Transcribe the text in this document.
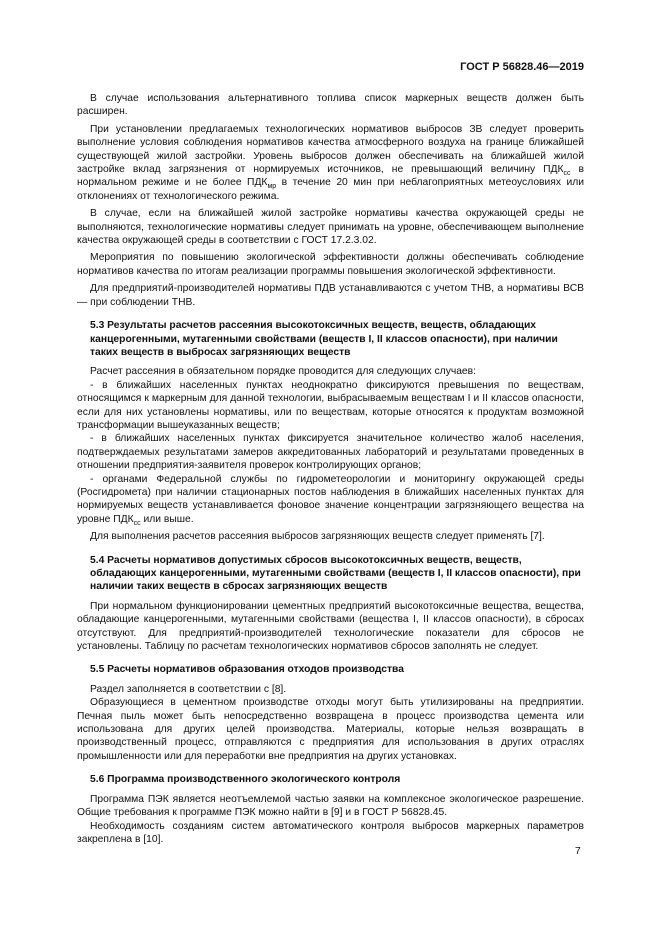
ГОСТ Р 56828.46—2019

В случае использования альтернативного топлива список маркерных веществ должен быть расширен.

При установлении предлагаемых технологических нормативов выбросов ЗВ следует проверить выполнение условия соблюдения нормативов качества атмосферного воздуха на границе ближайшей существующей жилой застройки. Уровень выбросов должен обеспечивать на ближайшей жилой застройке вклад загрязнения от нормируемых источников, не превышающий величину $ПДК_{сс}$ в нормальном режиме и не более $ПДК_{мр}$ в течение 20 мин при неблагоприятных метеоусловиях или отклонениях от технологического режима.

В случае, если на ближайшей жилой застройке нормативы качества окружающей среды не выполняются, технологические нормативы следует принимать на уровне, обеспечивающем выполнение качества окружающей среды в соответствии с ГОСТ 17.2.3.02.

Мероприятия по повышению экологической эффективности должны обеспечивать соблюдение нормативов качества по итогам реализации программы повышения экологической эффективности.

Для предприятий-производителей нормативы ПДВ устанавливаются с учетом ТНВ, а нормативы ВСВ — при соблюдении ТНВ.

5.3 Результаты расчетов рассеяния высокотоксичных веществ, веществ, обладающих канцерогенными, мутагенными свойствами (веществ I, II классов опасности), при наличии таких веществ в выбросах загрязняющих веществ

Расчет рассеяния в обязательном порядке проводится для следующих случаев:

- в ближайших населенных пунктах неоднократно фиксируются превышения по веществам, относящимся к маркерным для данной технологии, выбрасываемым веществам I и II классов опасности, если для них установлены нормативы, или по веществам, которые относятся к продуктам возможной трансформации вышеуказанных веществ;

- в ближайших населенных пунктах фиксируется значительное количество жалоб населения, подтверждаемых результатами замеров аккредитованных лабораторий и результатами проведенных в отношении предприятия-заявителя проверок контролирующих органов;

- органами Федеральной службы по гидрометеорологии и мониторингу окружающей среды (Росгидромета) при наличии стационарных постов наблюдения в ближайших населенных пунктах для нормируемых веществ устанавливается фоновое значение концентрации загрязняющего вещества на уровне $ПДК_{сс}$ или выше.

Для выполнения расчетов рассеяния выбросов загрязняющих веществ следует применять [7].

5.4 Расчеты нормативов допустимых сбросов высокотоксичных веществ, веществ, обладающих канцерогенными, мутагенными свойствами (веществ I, II классов опасности), при наличии таких веществ в сбросах загрязняющих веществ

При нормальном функционировании цементных предприятий высокотоксичные вещества, вещества, обладающие канцерогенными, мутагенными свойствами (вещества I, II классов опасности), в сбросах отсутствуют. Для предприятий-производителей технологические показатели для сбросов не установлены. Таблицу по расчетам технологических нормативов сбросов заполнять не следует.

5.5 Расчеты нормативов образования отходов производства

Раздел заполняется в соответствии с [8].

Образующиеся в цементном производстве отходы могут быть утилизированы на предприятии. Печная пыль может быть непосредственно возвращена в процесс производства цемента или использована для других целей производства. Материалы, которые нельзя возвращать в производственный процесс, отправляются с предприятия для использования в других отраслях промышленности или для переработки вне предприятия на других установках.

5.6 Программа производственного экологического контроля

Программа ПЭК является неотъемлемой частью заявки на комплексное экологическое разрешение. Общие требования к программе ПЭК можно найти в [9] и в ГОСТ Р 56828.45.

Необходимость созданиям систем автоматического контроля выбросов маркерных параметров закреплена в [10].

7
